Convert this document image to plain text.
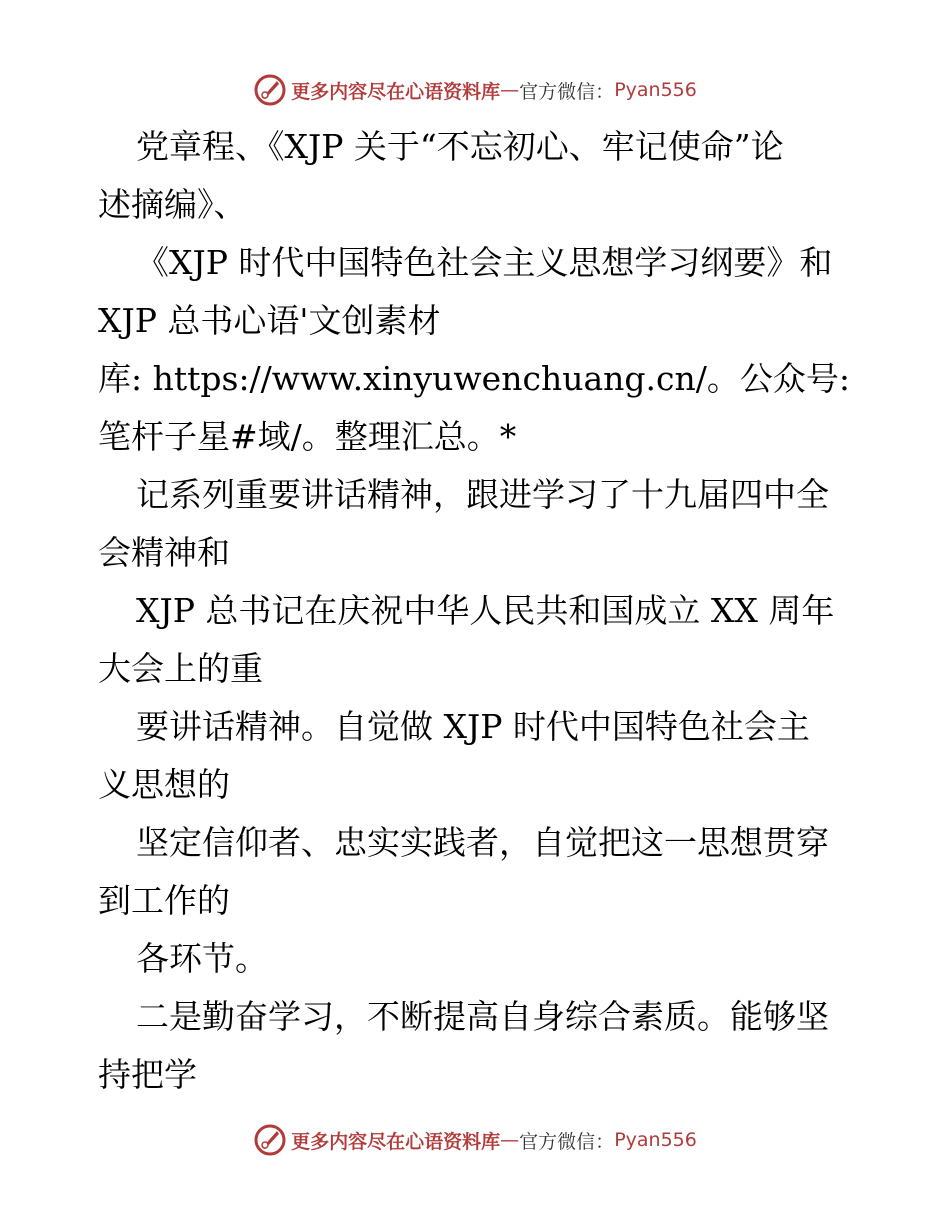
更多内容尽在心语资料库 — 官方微信： Pyan556
党章程、《XJP 关于“不忘初心、牢记使命”论
述摘编》、
《XJP 时代中国特色社会主义思想学习纲要》和
XJP 总书心语'文创素材
库: https://www.xinyuwenchuang.cn/。公众号:
笔杆子星#域/。整理汇总。*
记系列重要讲话精神，跟进学习了十九届四中全
会精神和
XJP 总书记在庆祝中华人民共和国成立 XX 周年
大会上的重
要讲话精神。自觉做 XJP 时代中国特色社会主
义思想的
坚定信仰者、忠实实践者，自觉把这一思想贯穿
到工作的
各环节。
二是勤奋学习，不断提高自身综合素质。能够坚
持把学
更多内容尽在心语资料库 — 官方微信： Pyan556
